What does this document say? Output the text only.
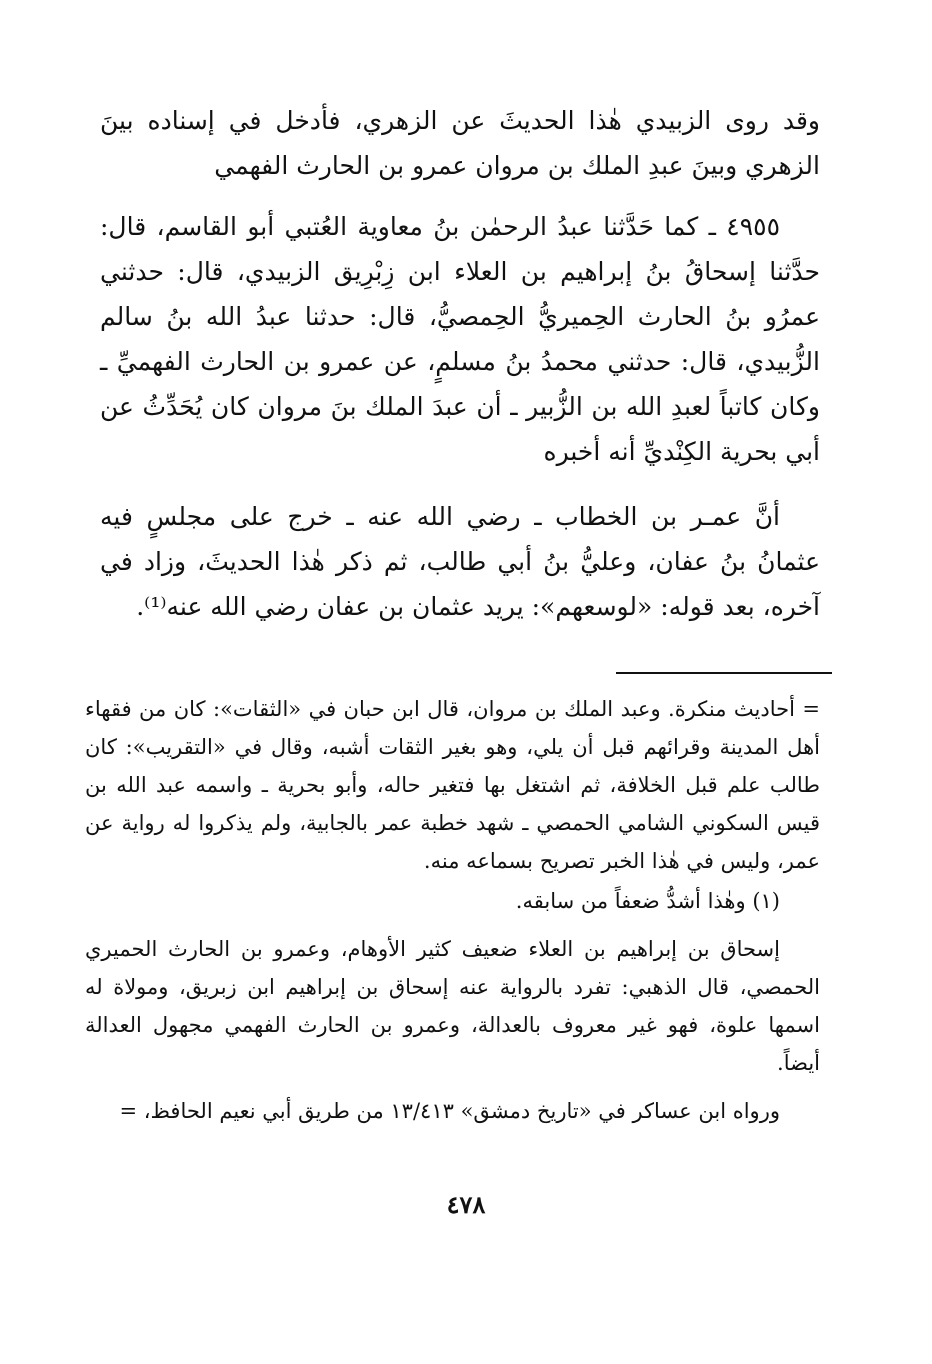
وقد روى الزبيدي هٰذا الحديثَ عن الزهري، فأدخل في إسناده بينَ الزهري وبينَ عبدِ الملك بن مروان عمرو بن الحارث الفهمي

٤٩٥٥ ـ كما حَدَّثنا عبدُ الرحمٰن بنُ معاوية العُتبي أبو القاسم، قال: حدَّثنا إسحاقُ بنُ إبراهيم بن العلاء ابن زِبْرِيق الزبيدي، قال: حدثني عمرُو بنُ الحارث الحِميريُّ الحِمصيُّ، قال: حدثنا عبدُ الله بنُ سالم الزُّبيدي، قال: حدثني محمدُ بنُ مسلمٍ، عن عمرو بن الحارث الفهميِّ ـ وكان كاتباً لعبدِ الله بن الزُّبير ـ أن عبدَ الملك بنَ مروان كان يُحَدِّثُ عن أبي بحرية الكِنْديِّ أنه أخبره

أنَّ عمـر بن الخطاب ـ رضي الله عنه ـ خرج على مجلسٍ فيه عثمانُ بنُ عفان، وعليُّ بنُ أبي طالب، ثم ذكر هٰذا الحديثَ، وزاد في آخره، بعد قوله: «لوسعهم»: يريد عثمان بن عفان رضي الله عنه⁽¹⁾.

= أحاديث منكرة. وعبد الملك بن مروان، قال ابن حبان في «الثقات»: كان من فقهاء أهل المدينة وقرائهم قبل أن يلي، وهو بغير الثقات أشبه، وقال في «التقريب»: كان طالب علم قبل الخلافة، ثم اشتغل بها فتغير حاله، وأبو بحرية ـ واسمه عبد الله بن قيس السكوني الشامي الحمصي ـ شهد خطبة عمر بالجابية، ولم يذكروا له رواية عن عمر، وليس في هٰذا الخبر تصريح بسماعه منه.

(١) وهٰذا أشدُّ ضعفاً من سابقه.

إسحاق بن إبراهيم بن العلاء ضعيف كثير الأوهام، وعمرو بن الحارث الحميري الحمصي، قال الذهبي: تفرد بالرواية عنه إسحاق بن إبراهيم ابن زبريق، ومولاة له اسمها علوة، فهو غير معروف بالعدالة، وعمرو بن الحارث الفهمي مجهول العدالة أيضاً.

ورواه ابن عساكر في «تاريخ دمشق» ١٣/٤١٣ من طريق أبي نعيم الحافظ، =

٤٧٨
